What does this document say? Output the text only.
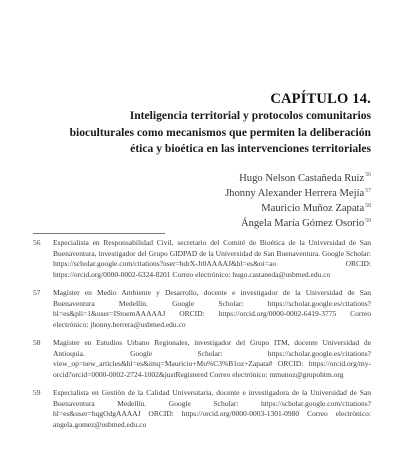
CAPÍTULO 14.
Inteligencia territorial y protocolos comunitarios
bioculturales como mecanismos que permiten la deliberación
ética y bioética en las intervenciones territoriales
Hugo Nelson Castañeda Ruiz$^{56}$
Jhonny Alexander Herrera Mejía$^{57}$
Mauricio Muñoz Zapata$^{58}$
Ángela María Gómez Osorio$^{59}$
56 Especialista en Responsabilidad Civil, secretario del Comité de Bioética de la Universidad de San Buenaventura, investigador del Grupo GIDPAD de la Universidad de San Buenaventura. Google Scholar: https://scholar.google.com/citations?user=bdrX-Jt0AAAAJ&hl=es&oi=ao ORCID: https://orcid.org/0000-0002-6324-8201 Correo electrónico: hugo.castaneda@usbmed.edu.co
57 Magíster en Medio Ambiente y Desarrollo, docente e investigador de la Universidad de San Buenaventura Medellín. Google Scholar: https://scholar.google.es/citations?hl=es&pli=1&user=IStoemAAAAAJ ORCID: https://orcid.org/0000-0002-6419-3775 Correo electrónico: jhonny.herrera@usbmed.edu.co
58 Magíster en Estudios Urbano Regionales, investigador del Grupo ITM, docente Universidad de Antioquia. Google Scholar: https://scholar.google.es/citations?view_op=new_articles&hl=es&imq=Mauricio+Mu%C3%B1oz+Zapata# ORCID: https://orcid.org/my-orcid?orcid=0000-0002-2724-1002&justRegistered Correo electrónico: mmunoz@grupohtm.org
59 Especialista en Gestión de la Calidad Universitaria, docente e investigadora de la Universidad de San Buenaventura Medellín. Google Scholar: https://scholar.google.com/citations?hl=es&user=hqgOdgAAAAJ ORCID: https://orcid.org/0000-0003-1301-0980 Correo electrónico: angela.gomez@usbmed.edu.co
